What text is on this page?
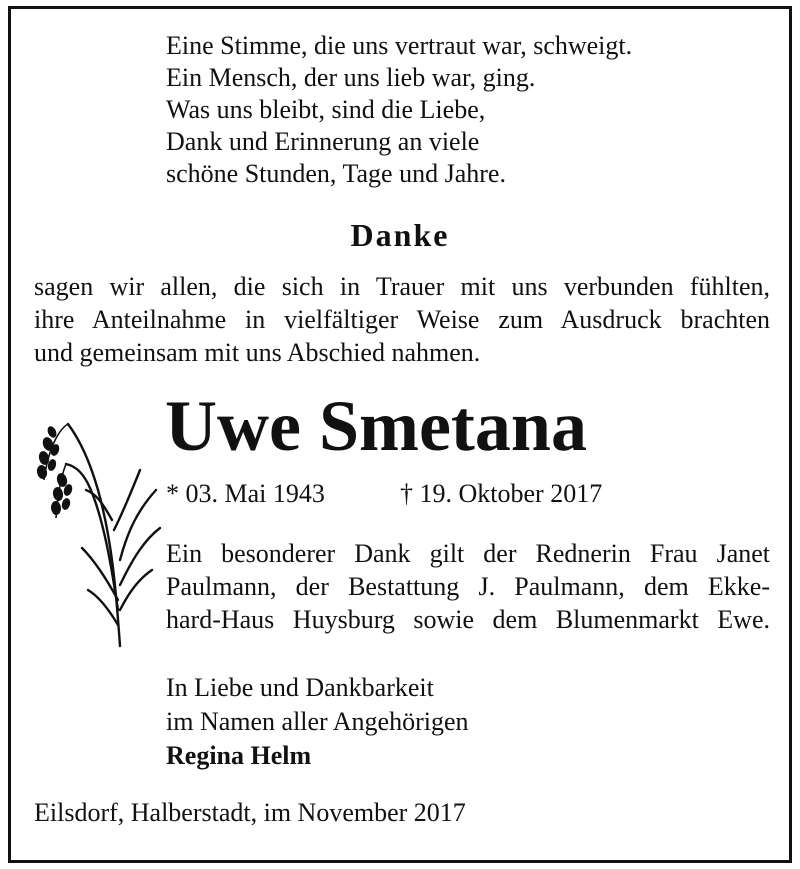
Eine Stimme, die uns vertraut war, schweigt.
Ein Mensch, der uns lieb war, ging.
Was uns bleibt, sind die Liebe,
Dank und Erinnerung an viele
schöne Stunden, Tage und Jahre.
Danke
sagen wir allen, die sich in Trauer mit uns verbunden fühlten,
ihre Anteilnahme in vielfältiger Weise zum Ausdruck brachten
und gemeinsam mit uns Abschied nahmen.
Uwe Smetana
* 03. Mai 1943	† 19. Oktober 2017
Ein besonderer Dank gilt der Rednerin Frau Janet
Paulmann, der Bestattung J. Paulmann, dem Ekke-
hard-Haus Huysburg sowie dem Blumenmarkt Ewe.
In Liebe und Dankbarkeit
im Namen aller Angehörigen
Regina Helm
Eilsdorf, Halberstadt, im November 2017
